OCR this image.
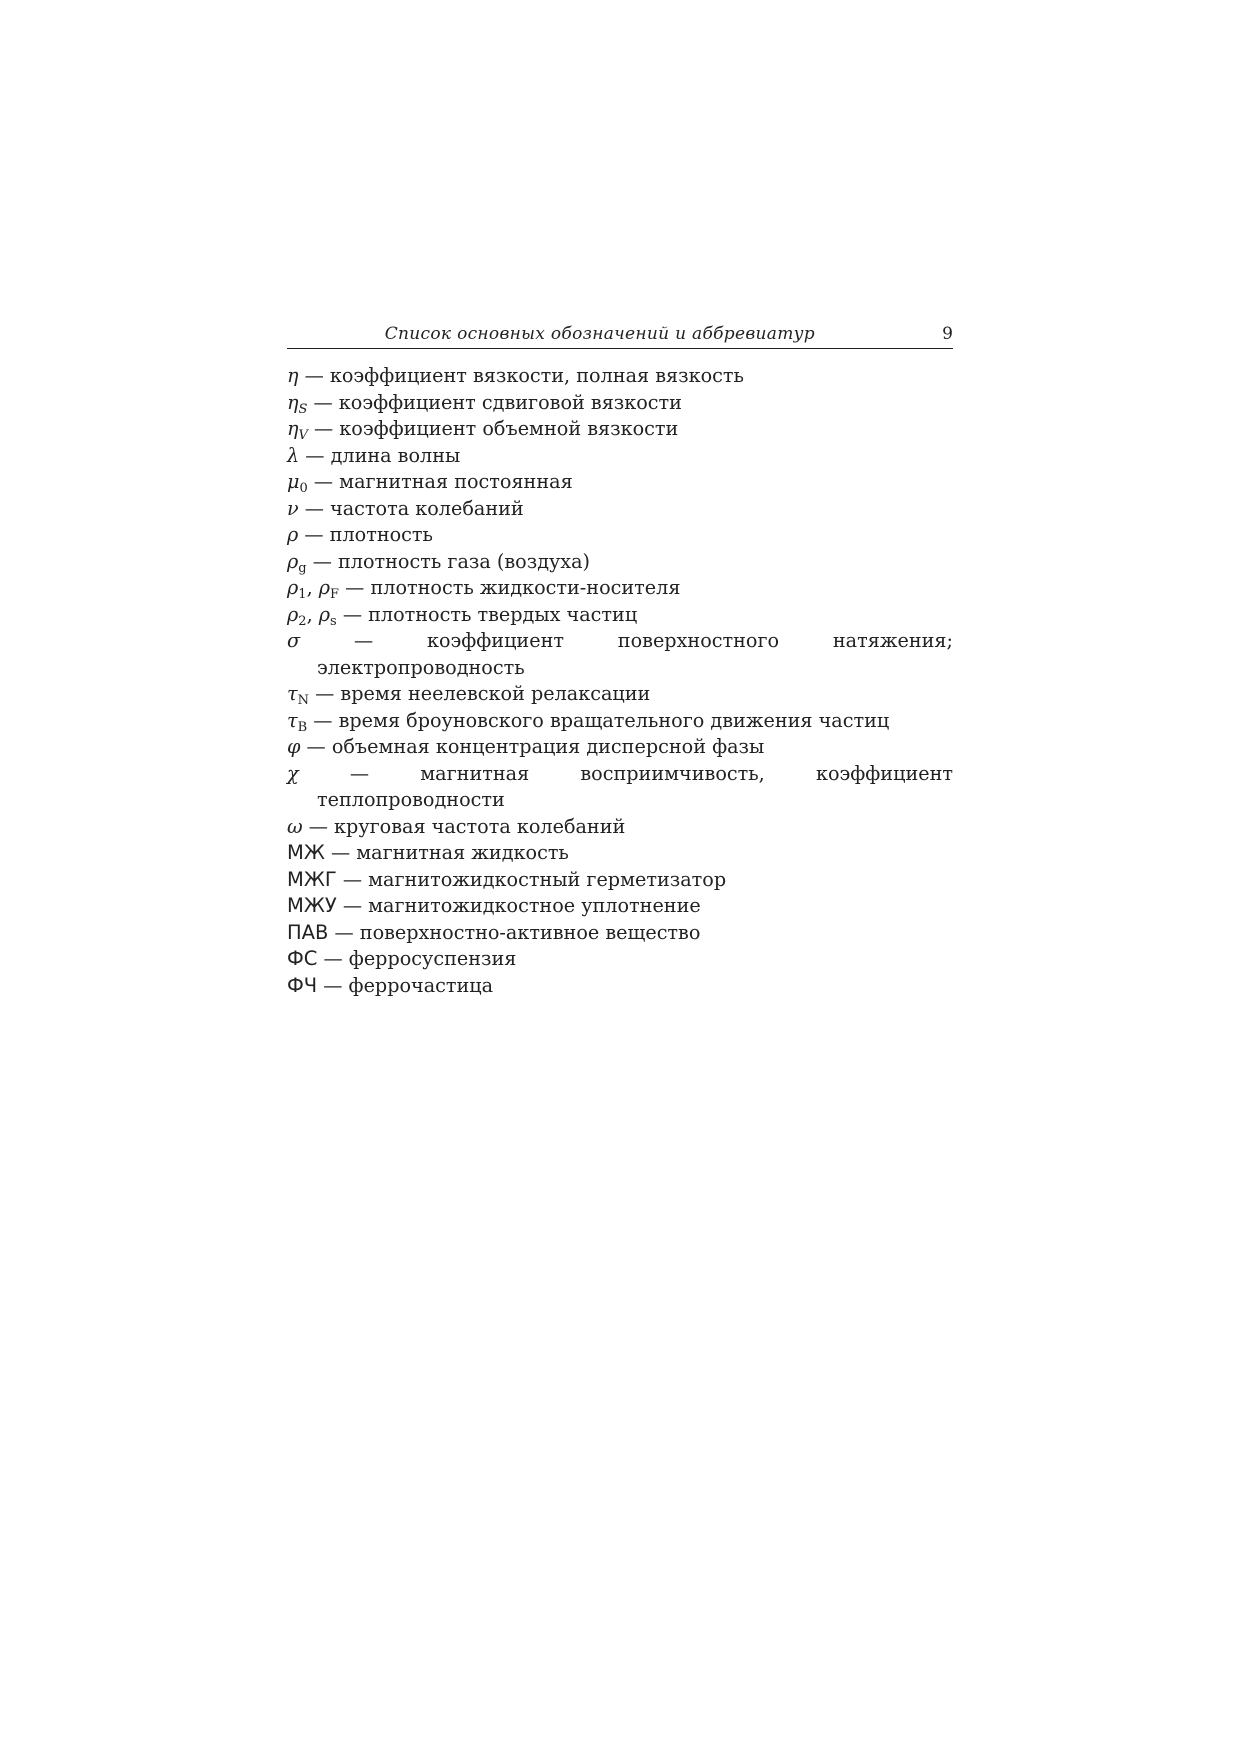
Список основных обозначений и аббревиатур	9
η — коэффициент вязкости, полная вязкость
$\eta_S$ — коэффициент сдвиговой вязкости
$\eta_V$ — коэффициент объемной вязкости
λ — длина волны
$\mu_0$ — магнитная постоянная
ν — частота колебаний
ρ — плотность
$\rho_g$ — плотность газа (воздуха)
$\rho_1$, $\rho_F$ — плотность жидкости-носителя
$\rho_2$, $\rho_s$ — плотность твердых частиц
σ — коэффициент поверхностного натяжения; электропроводность
$\tau_N$ — время неелевской релаксации
$\tau_B$ — время броуновского вращательного движения частиц
φ — объемная концентрация дисперсной фазы
χ — магнитная восприимчивость, коэффициент теплопроводности
ω — круговая частота колебаний
МЖ — магнитная жидкость
МЖГ — магнитожидкостный герметизатор
МЖУ — магнитожидкостное уплотнение
ПАВ — поверхностно-активное вещество
ФС — ферросуспензия
ФЧ — феррочастица
